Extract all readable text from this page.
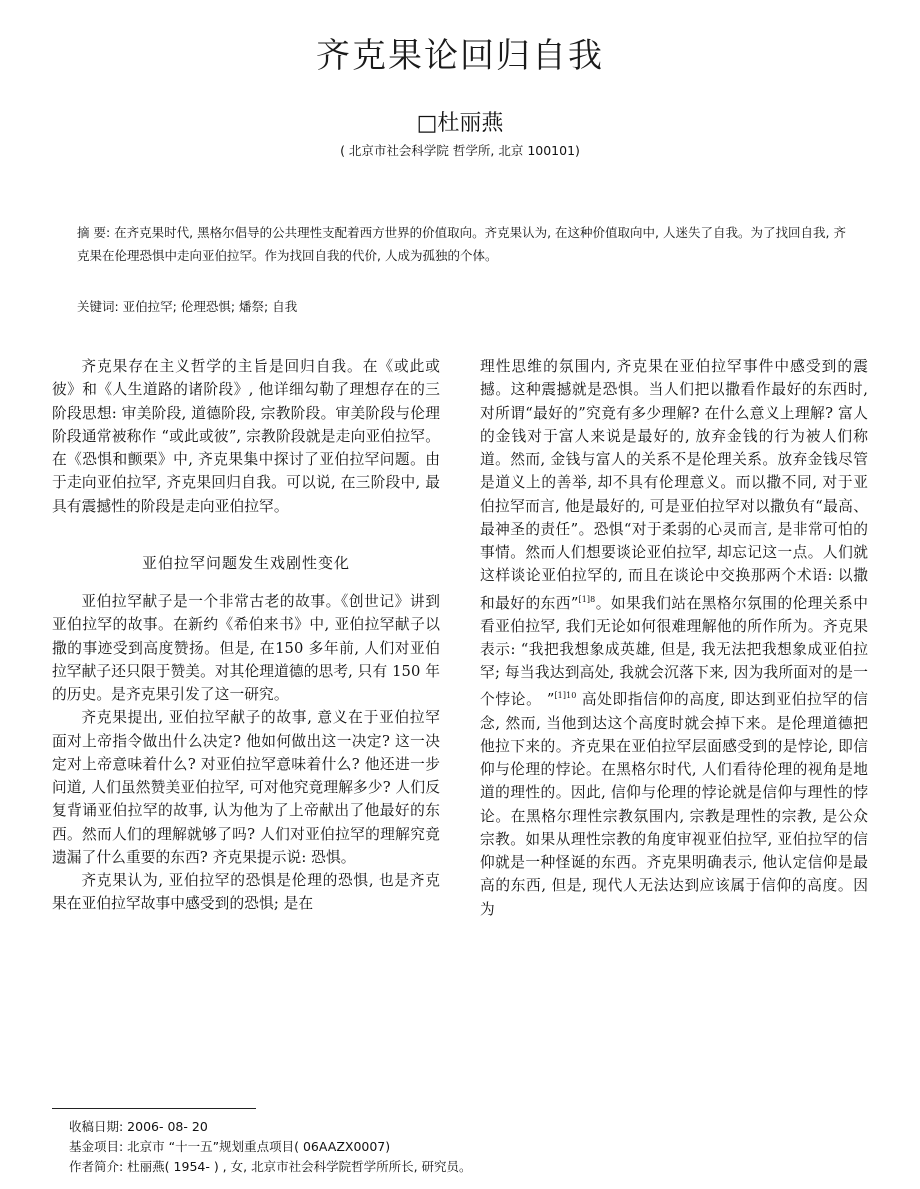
齐克果论回归自我
□杜丽燕
( 北京市社会科学院 哲学所, 北京 100101)
摘 要: 在齐克果时代, 黑格尔倡导的公共理性支配着西方世界的价值取向。齐克果认为, 在这种价值取向中, 人迷失了自我。为了找回自我, 齐克果在伦理恐惧中走向亚伯拉罕。作为找回自我的代价, 人成为孤独的个体。
关键词: 亚伯拉罕; 伦理恐惧; 燔祭; 自我

齐克果存在主义哲学的主旨是回归自我。在《或此或彼》和《人生道路的诸阶段》, 他详细勾勒了理想存在的三阶段思想: 审美阶段, 道德阶段, 宗教阶段。审美阶段与伦理阶段通常被称作 “或此或彼”, 宗教阶段就是走向亚伯拉罕。在《恐惧和颤栗》中, 齐克果集中探讨了亚伯拉罕问题。由于走向亚伯拉罕, 齐克果回归自我。可以说, 在三阶段中, 最具有震撼性的阶段是走向亚伯拉罕。

亚伯拉罕问题发生戏剧性变化

亚伯拉罕献子是一个非常古老的故事。《创世记》讲到亚伯拉罕的故事。在新约《希伯来书》中, 亚伯拉罕献子以撒的事迹受到高度赞扬。但是, 在150 多年前, 人们对亚伯拉罕献子还只限于赞美。对其伦理道德的思考, 只有 150 年的历史。是齐克果引发了这一研究。

齐克果提出, 亚伯拉罕献子的故事, 意义在于亚伯拉罕面对上帝指令做出什么决定? 他如何做出这一决定? 这一决定对上帝意味着什么? 对亚伯拉罕意味着什么? 他还进一步问道, 人们虽然赞美亚伯拉罕, 可对他究竟理解多少? 人们反复背诵亚伯拉罕的故事, 认为他为了上帝献出了他最好的东西。然而人们的理解就够了吗? 人们对亚伯拉罕的理解究竟遗漏了什么重要的东西? 齐克果提示说: 恐惧。

齐克果认为, 亚伯拉罕的恐惧是伦理的恐惧, 也是齐克果在亚伯拉罕故事中感受到的恐惧; 是在

理性思维的氛围内, 齐克果在亚伯拉罕事件中感受到的震撼。这种震撼就是恐惧。当人们把以撒看作最好的东西时, 对所谓“最好的”究竟有多少理解? 在什么意义上理解? 富人的金钱对于富人来说是最好的, 放弃金钱的行为被人们称道。然而, 金钱与富人的关系不是伦理关系。放弃金钱尽管是道义上的善举, 却不具有伦理意义。而以撒不同, 对于亚伯拉罕而言, 他是最好的, 可是亚伯拉罕对以撒负有“最高、最神圣的责任”。恐惧“对于柔弱的心灵而言, 是非常可怕的事情。然而人们想要谈论亚伯拉罕, 却忘记这一点。人们就这样谈论亚伯拉罕的, 而且在谈论中交换那两个术语: 以撒和最好的东西”$^{[1]8}$。如果我们站在黑格尔氛围的伦理关系中看亚伯拉罕, 我们无论如何很难理解他的所作所为。齐克果表示: “我把我想象成英雄, 但是, 我无法把我想象成亚伯拉罕; 每当我达到高处, 我就会沉落下来, 因为我所面对的是一个悖论。 ”$^{[1]10}$ 高处即指信仰的高度, 即达到亚伯拉罕的信念, 然而, 当他到达这个高度时就会掉下来。是伦理道德把他拉下来的。齐克果在亚伯拉罕层面感受到的是悖论, 即信仰与伦理的悖论。在黑格尔时代, 人们看待伦理的视角是地道的理性的。因此, 信仰与伦理的悖论就是信仰与理性的悖论。在黑格尔理性宗教氛围内, 宗教是理性的宗教, 是公众宗教。如果从理性宗教的角度审视亚伯拉罕, 亚伯拉罕的信仰就是一种怪诞的东西。齐克果明确表示, 他认定信仰是最高的东西, 但是, 现代人无法达到应该属于信仰的高度。因为

收稿日期: 2006- 08- 20
基金项目: 北京市 “十一五”规划重点项目( 06AAZX0007)
作者简介: 杜丽燕( 1954- ) , 女, 北京市社会科学院哲学所所长, 研究员。
